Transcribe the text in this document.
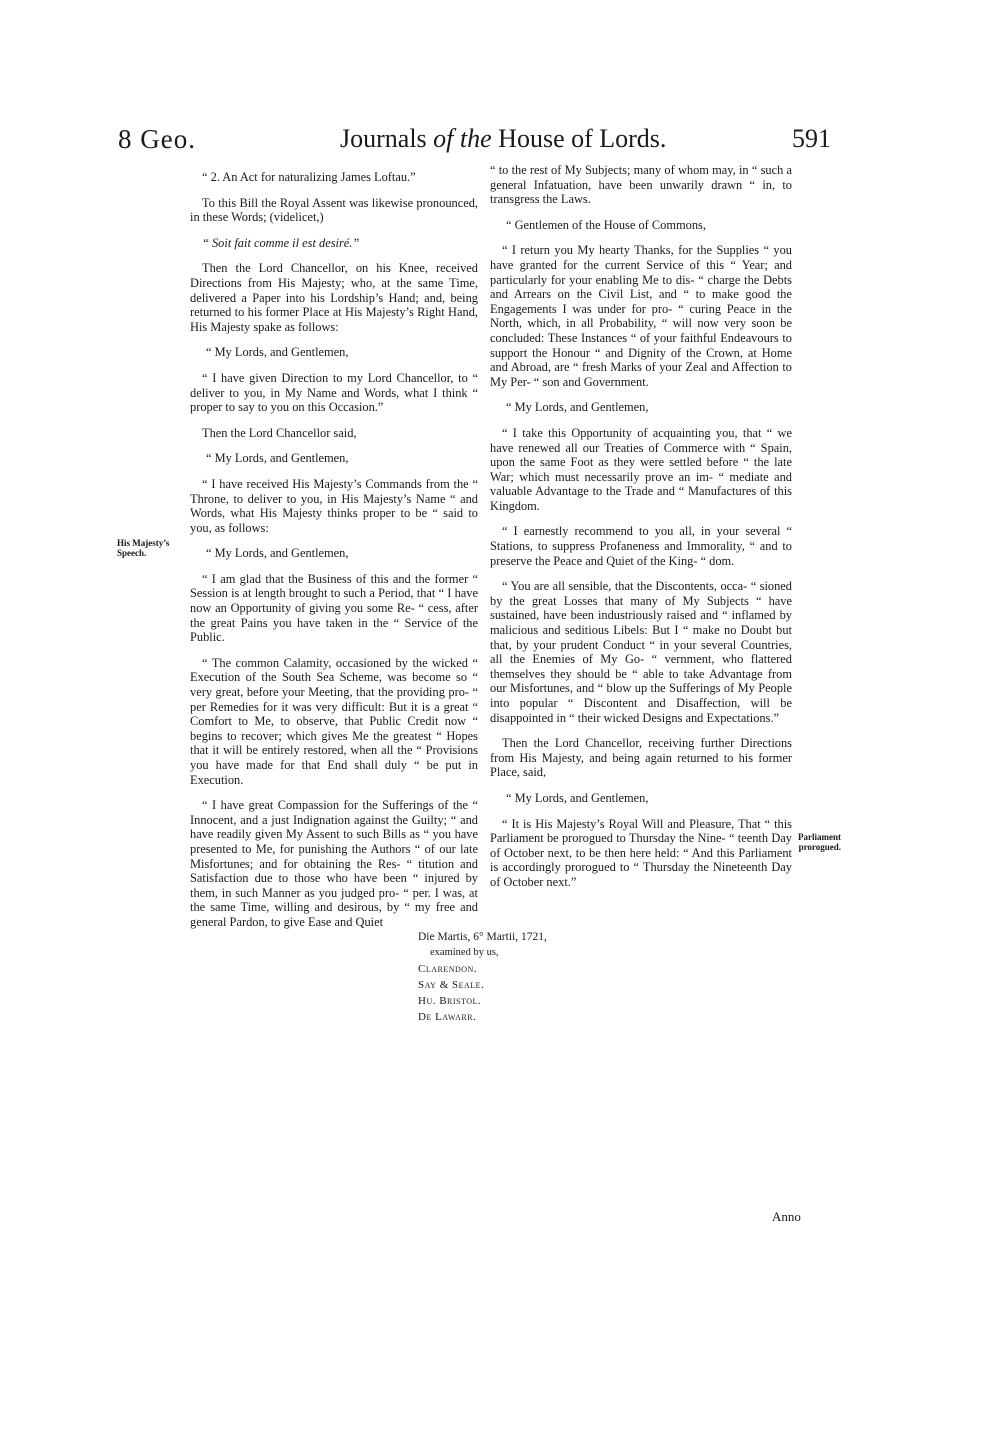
8 Geo.	Journals of the House of Lords.	591

“ 2. An Act for naturalizing James Loftau.”

To this Bill the Royal Assent was likewise pronounced, in these Words; (videlicet,)

“ Soit fait comme il est desiré.”

Then the Lord Chancellor, on his Knee, received Directions from His Majesty; who, at the same Time, delivered a Paper into his Lordship’s Hand; and, being returned to his former Place at His Majesty’s Right Hand, His Majesty spake as follows:

“ My Lords, and Gentlemen,

“ I have given Direction to my Lord Chancellor, to “ deliver to you, in My Name and Words, what I think “ proper to say to you on this Occasion.”

Then the Lord Chancellor said,

“ My Lords, and Gentlemen,

“ I have received His Majesty’s Commands from the “ Throne, to deliver to you, in His Majesty’s Name “ and Words, what His Majesty thinks proper to be “ said to you, as follows:

“ My Lords, and Gentlemen,

“ I am glad that the Business of this and the former “ Session is at length brought to such a Period, that “ I have now an Opportunity of giving you some Re- “ cess, after the great Pains you have taken in the “ Service of the Public.

“ The common Calamity, occasioned by the wicked “ Execution of the South Sea Scheme, was become so “ very great, before your Meeting, that the providing pro- “ per Remedies for it was very difficult: But it is a great “ Comfort to Me, to observe, that Public Credit now “ begins to recover; which gives Me the greatest “ Hopes that it will be entirely restored, when all the “ Provisions you have made for that End shall duly “ be put in Execution.

“ I have great Compassion for the Sufferings of the “ Innocent, and a just Indignation against the Guilty; “ and have readily given My Assent to such Bills as “ you have presented to Me, for punishing the Authors “ of our late Misfortunes; and for obtaining the Res- “ titution and Satisfaction due to those who have been “ injured by them, in such Manner as you judged pro- “ per. I was, at the same Time, willing and desirous, by “ my free and general Pardon, to give Ease and Quiet

“ to the rest of My Subjects; many of whom may, in “ such a general Infatuation, have been unwarily drawn “ in, to transgress the Laws.

“ Gentlemen of the House of Commons,

“ I return you My hearty Thanks, for the Supplies “ you have granted for the current Service of this “ Year; and particularly for your enabling Me to dis- “ charge the Debts and Arrears on the Civil List, and “ to make good the Engagements I was under for pro- “ curing Peace in the North, which, in all Probability, “ will now very soon be concluded: These Instances “ of your faithful Endeavours to support the Honour “ and Dignity of the Crown, at Home and Abroad, are “ fresh Marks of your Zeal and Affection to My Per- “ son and Government.

“ My Lords, and Gentlemen,

“ I take this Opportunity of acquainting you, that “ we have renewed all our Treaties of Commerce with “ Spain, upon the same Foot as they were settled before “ the late War; which must necessarily prove an im- “ mediate and valuable Advantage to the Trade and “ Manufactures of this Kingdom.

“ I earnestly recommend to you all, in your several “ Stations, to suppress Profaneness and Immorality, “ and to preserve the Peace and Quiet of the King- “ dom.

“ You are all sensible, that the Discontents, occa- “ sioned by the great Losses that many of My Subjects “ have sustained, have been industriously raised and “ inflamed by malicious and seditious Libels: But I “ make no Doubt but that, by your prudent Conduct “ in your several Countries, all the Enemies of My Go- “ vernment, who flattered themselves they should be “ able to take Advantage from our Misfortunes, and “ blow up the Sufferings of My People into popular “ Discontent and Disaffection, will be disappointed in “ their wicked Designs and Expectations.”

Then the Lord Chancellor, receiving further Directions from His Majesty, and being again returned to his former Place, said,

“ My Lords, and Gentlemen,

“ It is His Majesty’s Royal Will and Pleasure, That “ this Parliament be prorogued to Thursday the Nine- “ teenth Day of October next, to be then here held: “ And this Parliament is accordingly prorogued to “ Thursday the Nineteenth Day of October next.”

His Majesty’s Speech.
Parliament prorogued.
Die Martis, 6° Martii, 1721,
examined by us,
Clarendon.
Say & Seale.
Hu. Bristol.
De Lawarr.
Anno
